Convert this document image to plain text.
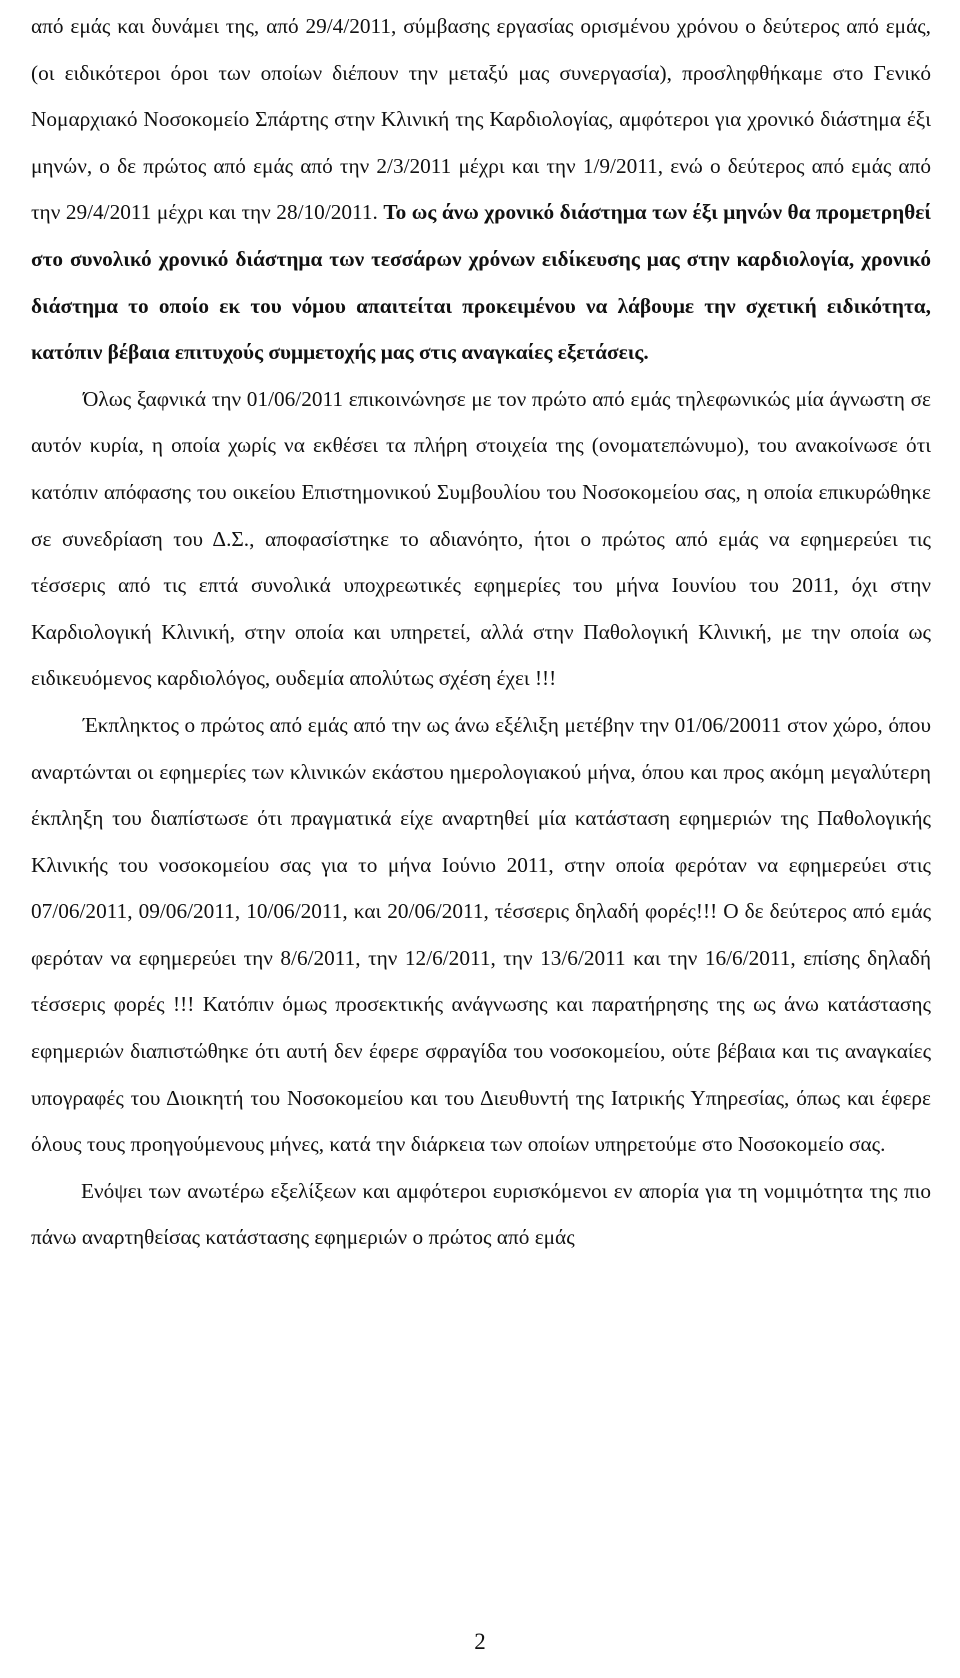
από εμάς και δυνάμει της, από 29/4/2011, σύμβασης εργασίας ορισμένου χρόνου ο δεύτερος από εμάς, (οι ειδικότεροι όροι των οποίων διέπουν την μεταξύ μας συνεργασία), προσληφθήκαμε στο Γενικό Νομαρχιακό Νοσοκομείο Σπάρτης στην Κλινική της Καρδιολογίας, αμφότεροι για χρονικό διάστημα έξι μηνών, ο δε πρώτος από εμάς από την 2/3/2011 μέχρι και την 1/9/2011, ενώ ο δεύτερος από εμάς από την 29/4/2011 μέχρι και την 28/10/2011. Το ως άνω χρονικό διάστημα των έξι μηνών θα προμετρηθεί στο συνολικό χρονικό διάστημα των τεσσάρων χρόνων ειδίκευσης μας στην καρδιολογία, χρονικό διάστημα το οποίο εκ του νόμου απαιτείται προκειμένου να λάβουμε την σχετική ειδικότητα, κατόπιν βέβαια επιτυχούς συμμετοχής μας στις αναγκαίες εξετάσεις.

Όλως ξαφνικά την 01/06/2011 επικοινώνησε με τον πρώτο από εμάς τηλεφωνικώς μία άγνωστη σε αυτόν κυρία, η οποία χωρίς να εκθέσει τα πλήρη στοιχεία της (ονοματεπώνυμο), του ανακοίνωσε ότι κατόπιν απόφασης του οικείου Επιστημονικού Συμβουλίου του Νοσοκομείου σας, η οποία επικυρώθηκε σε συνεδρίαση του Δ.Σ., αποφασίστηκε το αδιανόητο, ήτοι ο πρώτος από εμάς να εφημερεύει τις τέσσερις από τις επτά συνολικά υποχρεωτικές εφημερίες του μήνα Ιουνίου του 2011, όχι στην Καρδιολογική Κλινική, στην οποία και υπηρετεί, αλλά στην Παθολογική Κλινική, με την οποία ως ειδικευόμενος καρδιολόγος, ουδεμία απολύτως σχέση έχει !!!

Έκπληκτος ο πρώτος από εμάς από την ως άνω εξέλιξη μετέβην την 01/06/20011 στον χώρο, όπου αναρτώνται οι εφημερίες των κλινικών εκάστου ημερολογιακού μήνα, όπου και προς ακόμη μεγαλύτερη έκπληξη του διαπίστωσε ότι πραγματικά είχε αναρτηθεί μία κατάσταση εφημεριών της Παθολογικής Κλινικής του νοσοκομείου σας για το μήνα Ιούνιο 2011, στην οποία φερόταν να εφημερεύει στις 07/06/2011, 09/06/2011, 10/06/2011, και 20/06/2011, τέσσερις δηλαδή φορές!!! Ο δε δεύτερος από εμάς φερόταν να εφημερεύει την 8/6/2011, την 12/6/2011, την 13/6/2011 και την 16/6/2011, επίσης δηλαδή τέσσερις φορές !!! Κατόπιν όμως προσεκτικής ανάγνωσης και παρατήρησης της ως άνω κατάστασης εφημεριών διαπιστώθηκε ότι αυτή δεν έφερε σφραγίδα του νοσοκομείου, ούτε βέβαια και τις αναγκαίες υπογραφές του Διοικητή του Νοσοκομείου και του Διευθυντή της Ιατρικής Υπηρεσίας, όπως και έφερε όλους τους προηγούμενους μήνες, κατά την διάρκεια των οποίων υπηρετούμε στο Νοσοκομείο σας.

Ενόψει των ανωτέρω εξελίξεων και αμφότεροι ευρισκόμενοι εν απορία για τη νομιμότητα της πιο πάνω αναρτηθείσας κατάστασης εφημεριών ο πρώτος από εμάς

2
